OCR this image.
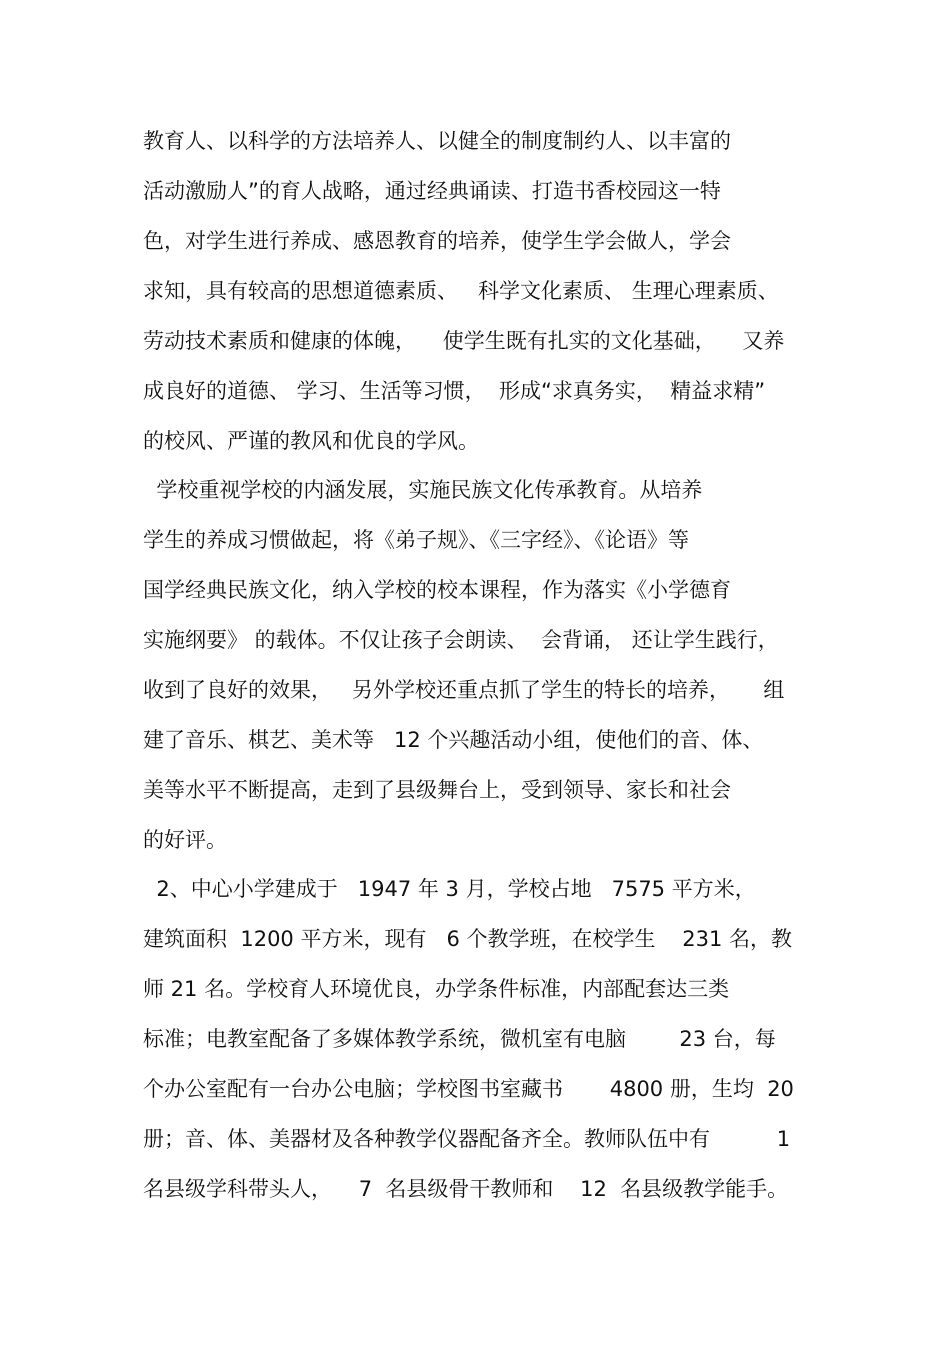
教育人、以科学的方法培养人、以健全的制度制约人、以丰富的
活动激励人”的育人战略，通过经典诵读、打造书香校园这一特
色，对学生进行养成、感恩教育的培养，使学生学会做人，学会
求知，具有较高的思想道德素质、   科学文化素质、 生理心理素质、
劳动技术素质和健康的体魄，    使学生既有扎实的文化基础，    又养
成良好的道德、 学习、生活等习惯，  形成“求真务实，  精益求精”
的校风、严谨的教风和优良的学风。
学校重视学校的内涵发展，实施民族文化传承教育。从培养
学生的养成习惯做起，将《弟子规》、《三字经》、《论语》等
国学经典民族文化，纳入学校的校本课程，作为落实《小学德育
实施纲要》 的载体。不仅让孩子会朗读、  会背诵， 还让学生践行，
收到了良好的效果，   另外学校还重点抓了学生的特长的培养，     组
建了音乐、棋艺、美术等   12 个兴趣活动小组，使他们的音、体、
美等水平不断提高，走到了县级舞台上，受到领导、家长和社会
的好评。
2、中心小学建成于   1947 年 3 月，学校占地   7575 平方米，
建筑面积  1200 平方米，现有   6 个教学班，在校学生    231 名，教
师 21 名。学校育人环境优良，办学条件标准，内部配套达三类
标准；电教室配备了多媒体教学系统，微机室有电脑        23 台，每
个办公室配有一台办公电脑；学校图书室藏书       4800 册，生均  20
册；音、体、美器材及各种教学仪器配备齐全。教师队伍中有          1
名县级学科带头人，    7  名县级骨干教师和    12  名县级教学能手。
